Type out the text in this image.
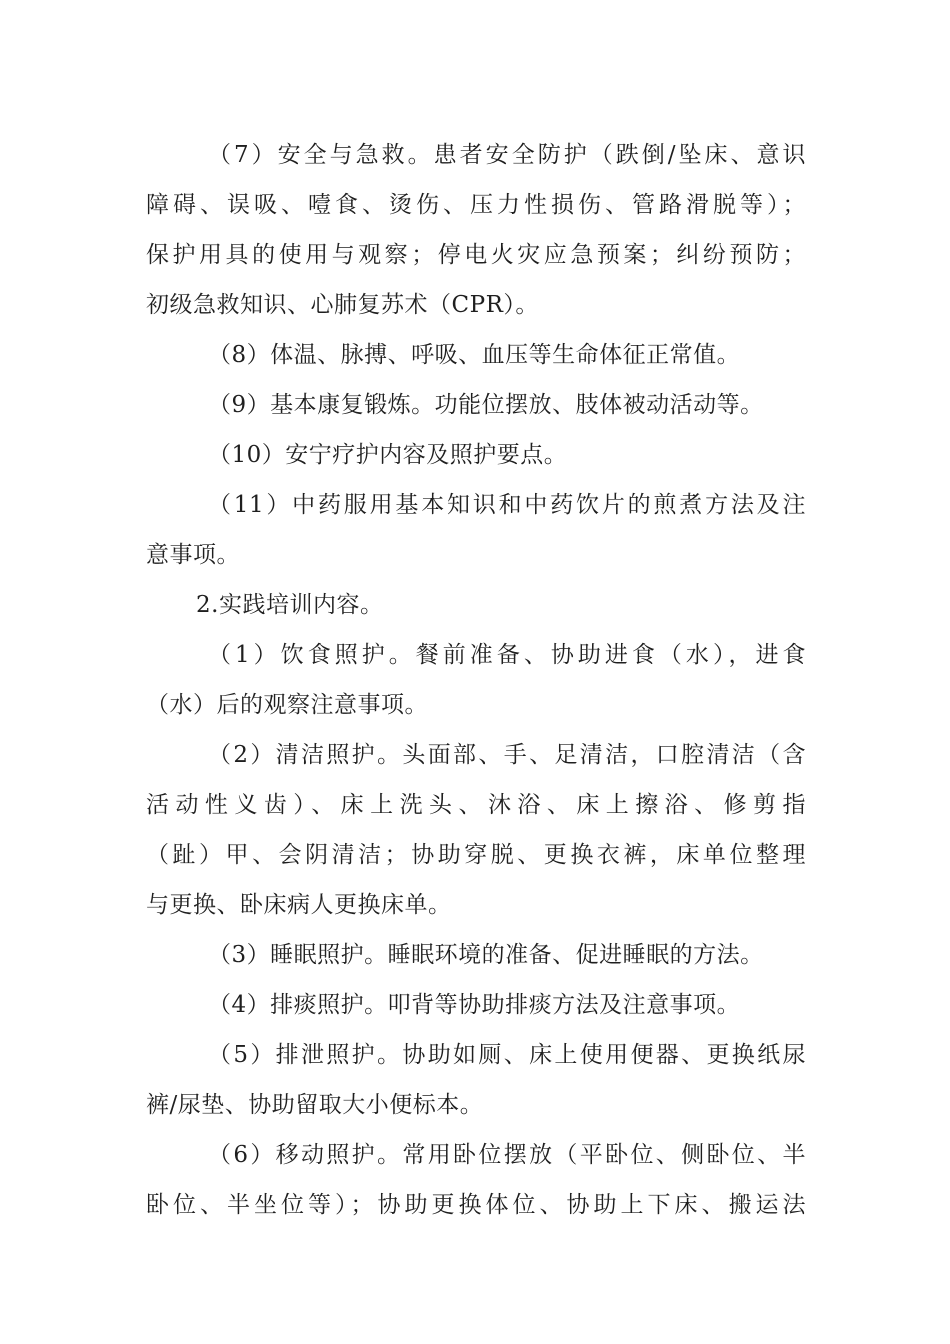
（7）安全与急救。患者安全防护（跌倒/坠床、意识
障碍、误吸、噎食、烫伤、压力性损伤、管路滑脱等）；
保护用具的使用与观察；停电火灾应急预案；纠纷预防；
初级急救知识、心肺复苏术（CPR）。
（8）体温、脉搏、呼吸、血压等生命体征正常值。
（9）基本康复锻炼。功能位摆放、肢体被动活动等。
（10）安宁疗护内容及照护要点。
（11）中药服用基本知识和中药饮片的煎煮方法及注
意事项。
2.实践培训内容。
（1）饮食照护。餐前准备、协助进食（水），进食
（水）后的观察注意事项。
（2）清洁照护。头面部、手、足清洁，口腔清洁（含
活动性义齿）、床上洗头、沐浴、床上擦浴、修剪指
（趾）甲、会阴清洁；协助穿脱、更换衣裤，床单位整理
与更换、卧床病人更换床单。
（3）睡眠照护。睡眠环境的准备、促进睡眠的方法。
（4）排痰照护。叩背等协助排痰方法及注意事项。
（5）排泄照护。协助如厕、床上使用便器、更换纸尿
裤/尿垫、协助留取大小便标本。
（6）移动照护。常用卧位摆放（平卧位、侧卧位、半
卧位、半坐位等）；协助更换体位、协助上下床、搬运法
